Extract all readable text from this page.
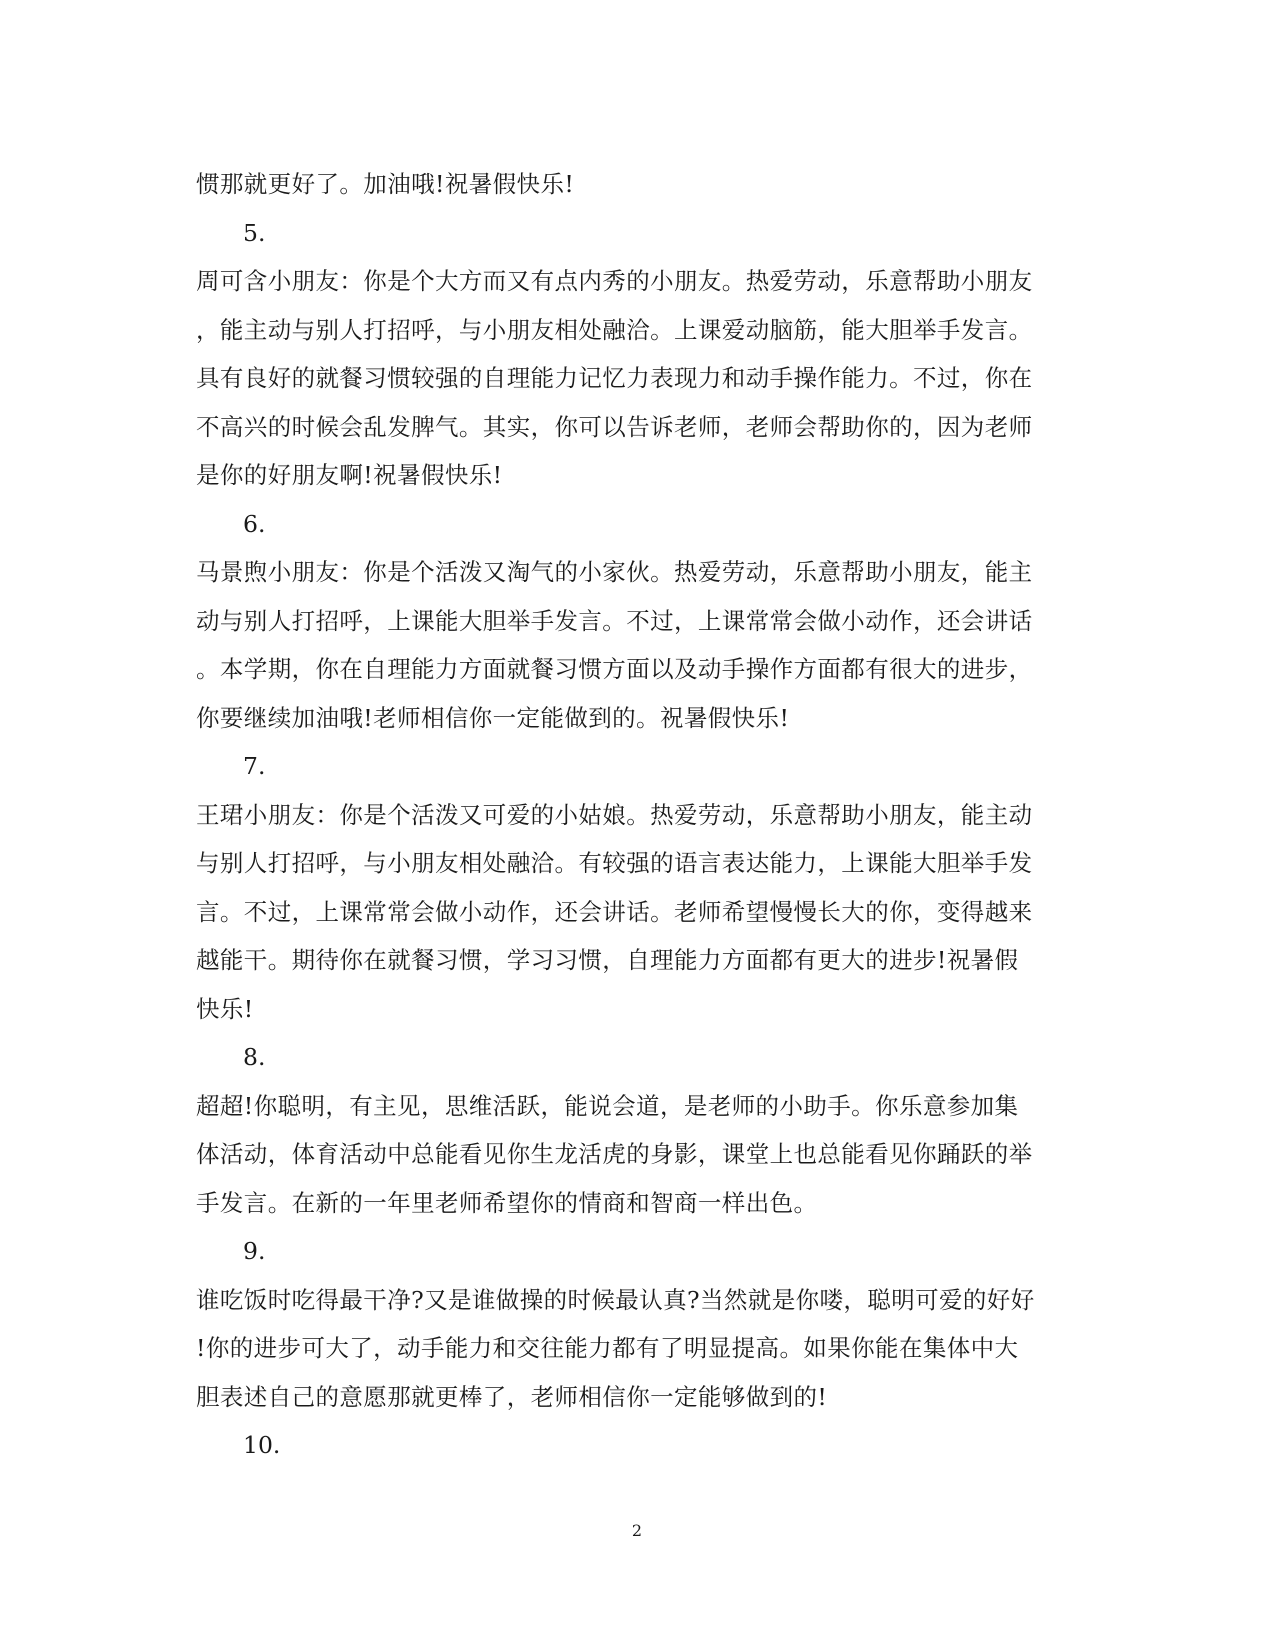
惯那就更好了。加油哦!祝暑假快乐!
5.
周可含小朋友：你是个大方而又有点内秀的小朋友。热爱劳动，乐意帮助小朋友
，能主动与别人打招呼，与小朋友相处融洽。上课爱动脑筋，能大胆举手发言。
具有良好的就餐习惯较强的自理能力记忆力表现力和动手操作能力。不过，你在
不高兴的时候会乱发脾气。其实，你可以告诉老师，老师会帮助你的，因为老师
是你的好朋友啊!祝暑假快乐!
6.
马景煦小朋友：你是个活泼又淘气的小家伙。热爱劳动，乐意帮助小朋友，能主
动与别人打招呼，上课能大胆举手发言。不过，上课常常会做小动作，还会讲话
。本学期，你在自理能力方面就餐习惯方面以及动手操作方面都有很大的进步，
你要继续加油哦!老师相信你一定能做到的。祝暑假快乐!
7.
王珺小朋友：你是个活泼又可爱的小姑娘。热爱劳动，乐意帮助小朋友，能主动
与别人打招呼，与小朋友相处融洽。有较强的语言表达能力，上课能大胆举手发
言。不过，上课常常会做小动作，还会讲话。老师希望慢慢长大的你，变得越来
越能干。期待你在就餐习惯，学习习惯，自理能力方面都有更大的进步!祝暑假
快乐!
8.
超超!你聪明，有主见，思维活跃，能说会道，是老师的小助手。你乐意参加集
体活动，体育活动中总能看见你生龙活虎的身影，课堂上也总能看见你踊跃的举
手发言。在新的一年里老师希望你的情商和智商一样出色。
9.
谁吃饭时吃得最干净?又是谁做操的时候最认真?当然就是你喽，聪明可爱的好好
!你的进步可大了，动手能力和交往能力都有了明显提高。如果你能在集体中大
胆表述自己的意愿那就更棒了，老师相信你一定能够做到的!
10.
2
